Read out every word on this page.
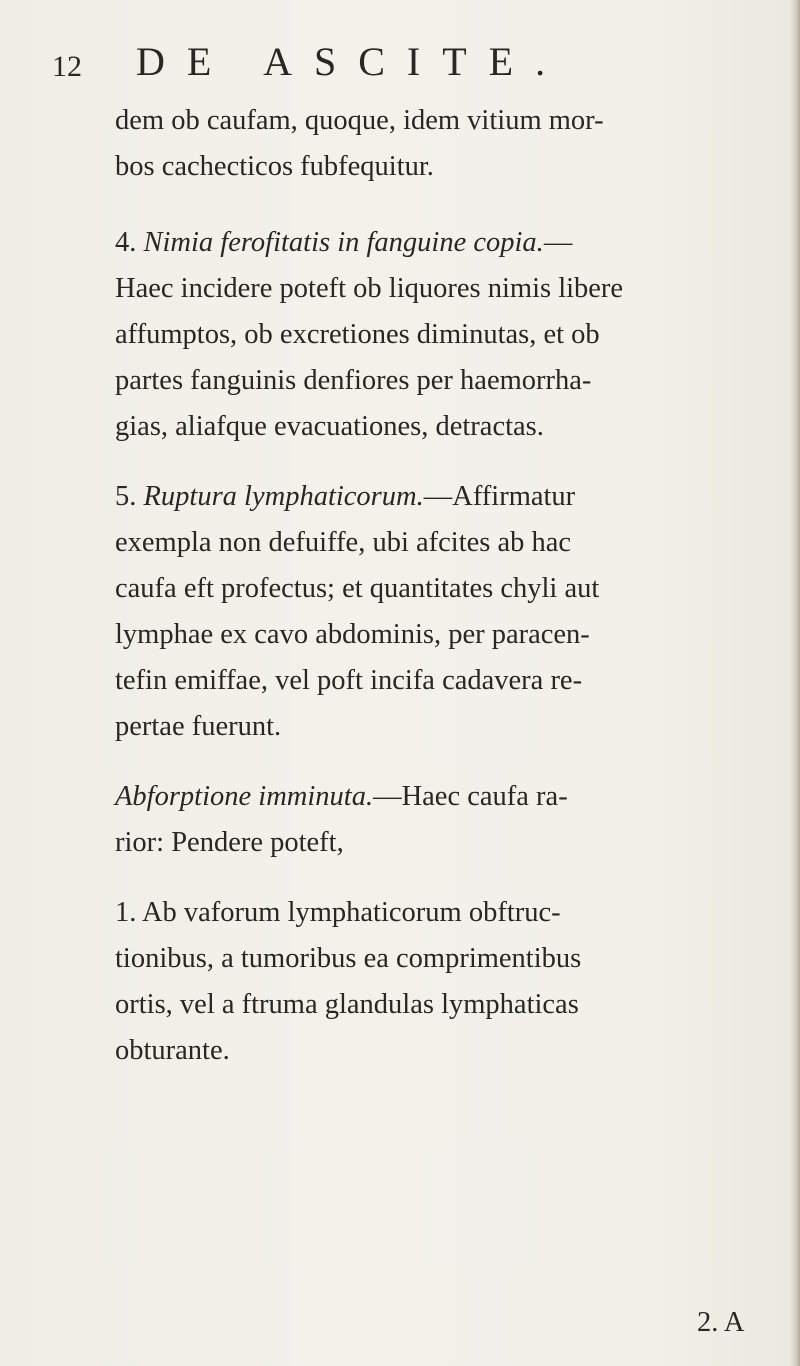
12 DE ASCITE.

dem ob caufam, quoque, idem vitium mor-
bos cachecticos fubfequitur.

4. Nimia ferofitatis in fanguine copia.—
Haec incidere poteft ob liquores nimis libere
affumptos, ob excretiones diminutas, et ob
partes fanguinis denfiores per haemorrha-
gias, aliafque evacuationes, detractas.

5. Ruptura lymphaticorum.—Affirmatur
exempla non defuiffe, ubi afcites ab hac
caufa eft profectus; et quantitates chyli aut
lymphae ex cavo abdominis, per paracen-
tefin emiffae, vel poft incifa cadavera re-
pertae fuerunt.

Abforptione imminuta.—Haec caufa ra-
rior: Pendere poteft,

1. Ab vaforum lymphaticorum obftruc-
tionibus, a tumoribus ea comprimentibus
ortis, vel a ftruma glandulas lymphaticas
obturante.

2. A
